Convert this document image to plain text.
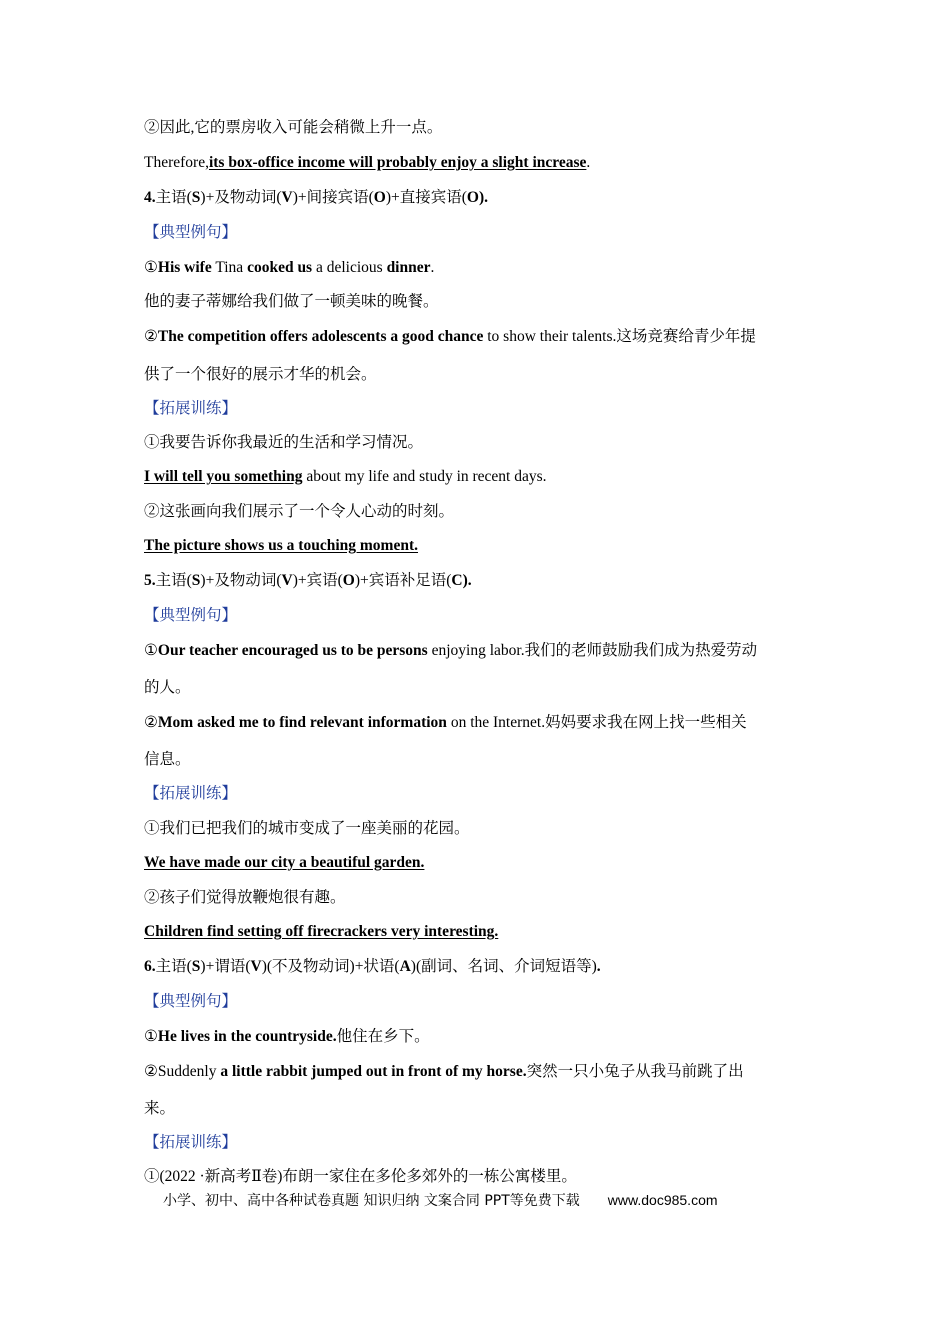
②因此,它的票房收入可能会稍微上升一点。
Therefore,its box-office income will probably enjoy a slight increase.
4.主语(S)+及物动词(V)+间接宾语(O)+直接宾语(O).
【典型例句】
①His wife Tina cooked us a delicious dinner.
他的妻子蒂娜给我们做了一顿美味的晚餐。
②The competition offers adolescents a good chance to show their talents.这场竞赛给青少年提
供了一个很好的展示才华的机会。
【拓展训练】
①我要告诉你我最近的生活和学习情况。
I will tell you something about my life and study in recent days.
②这张画向我们展示了一个令人心动的时刻。
The picture shows us a touching moment.
5.主语(S)+及物动词(V)+宾语(O)+宾语补足语(C).
【典型例句】
①Our teacher encouraged us to be persons enjoying labor.我们的老师鼓励我们成为热爱劳动
的人。
②Mom asked me to find relevant information on the Internet.妈妈要求我在网上找一些相关
信息。
【拓展训练】
①我们已把我们的城市变成了一座美丽的花园。
We have made our city a beautiful garden.
②孩子们觉得放鞭炮很有趣。
Children find setting off firecrackers very interesting.
6.主语(S)+谓语(V)(不及物动词)+状语(A)(副词、名词、介词短语等).
【典型例句】
①He lives in the countryside.他住在乡下。
②Suddenly a little rabbit jumped out in front of my horse.突然一只小兔子从我马前跳了出
来。
【拓展训练】
①(2022 ·新高考Ⅱ卷)布朗一家住在多伦多郊外的一栋公寓楼里。
小学、初中、高中各种试卷真题 知识归纳 文案合同 PPT等免费下载 www.doc985.com
